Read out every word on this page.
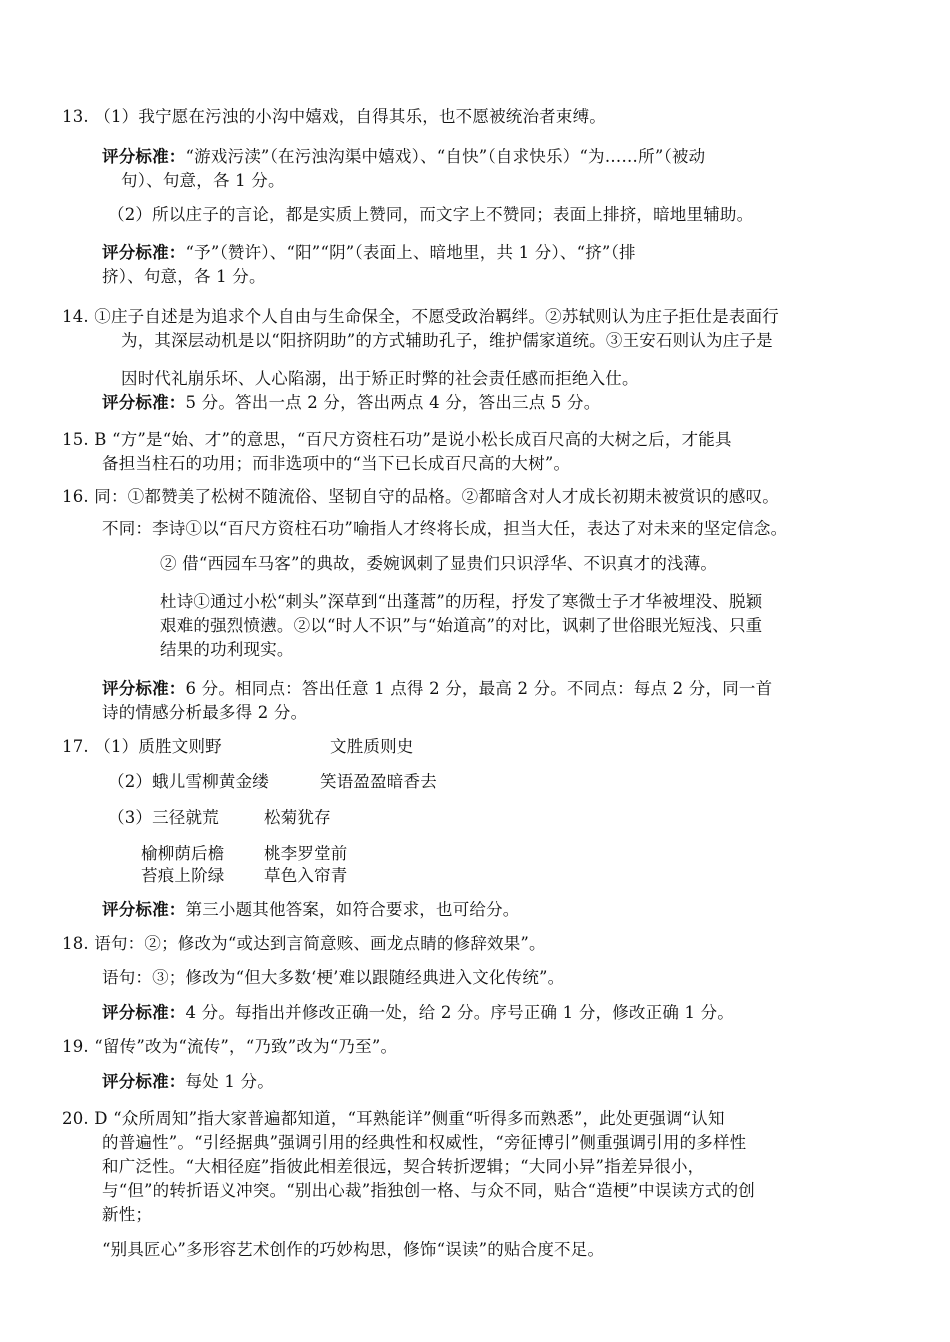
13. （1）我宁愿在污浊的小沟中嬉戏，自得其乐，也不愿被统治者束缚。
评分标准：“游戏污渎”（在污浊沟渠中嬉戏）、“自快”（自求快乐）“为……所”（被动
句）、句意，各 1 分。
（2）所以庄子的言论，都是实质上赞同，而文字上不赞同；表面上排挤，暗地里辅助。
评分标准：“予”（赞许）、“阳”“阴”（表面上、暗地里，共 1 分）、“挤”（排
挤）、句意，各 1 分。
14. ①庄子自述是为追求个人自由与生命保全，不愿受政治羁绊。②苏轼则认为庄子拒仕是表面行
为，其深层动机是以“阳挤阴助”的方式辅助孔子，维护儒家道统。③王安石则认为庄子是
因时代礼崩乐坏、人心陷溺，出于矫正时弊的社会责任感而拒绝入仕。
评分标准：5 分。答出一点 2 分，答出两点 4 分，答出三点 5 分。
15. B “方”是“始、才”的意思，“百尺方资柱石功”是说小松长成百尺高的大树之后，才能具
备担当柱石的功用；而非选项中的“当下已长成百尺高的大树”。
16. 同：①都赞美了松树不随流俗、坚韧自守的品格。②都暗含对人才成长初期未被赏识的感叹。
不同：李诗①以“百尺方资柱石功”喻指人才终将长成，担当大任，表达了对未来的坚定信念。
② 借“西园车马客”的典故，委婉讽刺了显贵们只识浮华、不识真才的浅薄。
杜诗①通过小松“刺头”深草到“出蓬蒿”的历程，抒发了寒微士子才华被埋没、脱颖
艰难的强烈愤懑。②以“时人不识”与“始道高”的对比，讽刺了世俗眼光短浅、只重
结果的功利现实。
评分标准：6 分。相同点：答出任意 1 点得 2 分，最高 2 分。不同点：每点 2 分，同一首
诗的情感分析最多得 2 分。
17. （1）质胜文则野	文胜质则史
（2）蛾儿雪柳黄金缕	笑语盈盈暗香去
（3）三径就荒	松菊犹存
榆柳荫后檐 桃李罗堂前
苔痕上阶绿 草色入帘青
评分标准：第三小题其他答案，如符合要求，也可给分。
18. 语句：②；修改为“或达到言简意赅、画龙点睛的修辞效果”。
语句：③；修改为“但大多数‘梗’难以跟随经典进入文化传统”。
评分标准：4 分。每指出并修改正确一处，给 2 分。序号正确 1 分，修改正确 1 分。
19. “留传”改为“流传”，“乃致”改为“乃至”。
评分标准：每处 1 分。
20. D “众所周知”指大家普遍都知道，“耳熟能详”侧重“听得多而熟悉”，此处更强调“认知
的普遍性”。“引经据典”强调引用的经典性和权威性，“旁征博引”侧重强调引用的多样性
和广泛性。“大相径庭”指彼此相差很远，契合转折逻辑；“大同小异”指差异很小，
与“但”的转折语义冲突。“别出心裁”指独创一格、与众不同，贴合“造梗”中误读方式的创
新性；
“别具匠心”多形容艺术创作的巧妙构思，修饰“误读”的贴合度不足。
